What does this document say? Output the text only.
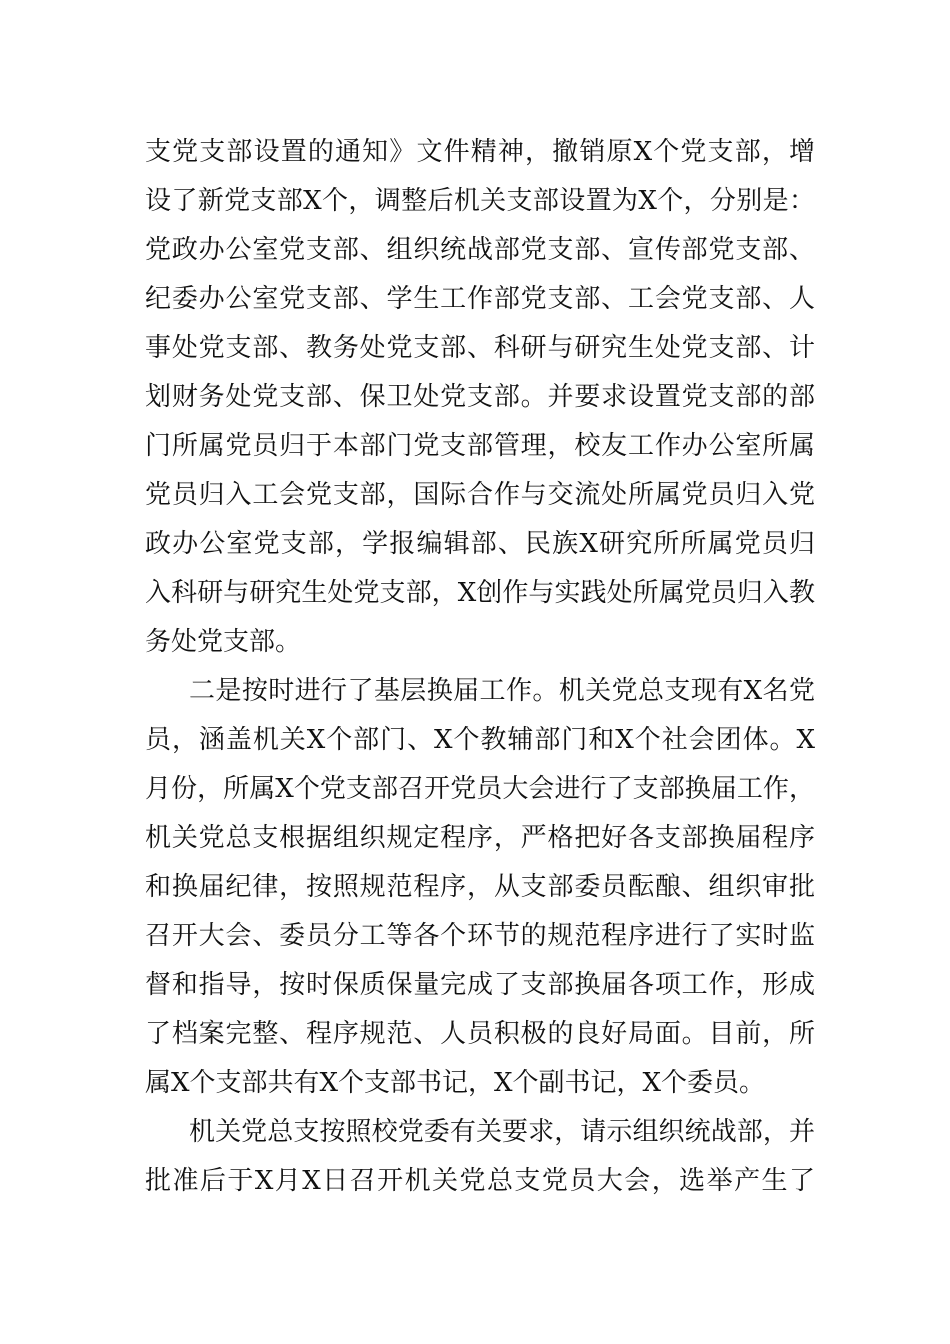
支党支部设置的通知》文件精神，撤销原X个党支部，增
设了新党支部X个，调整后机关支部设置为X个，分别是：
党政办公室党支部、组织统战部党支部、宣传部党支部、
纪委办公室党支部、学生工作部党支部、工会党支部、人
事处党支部、教务处党支部、科研与研究生处党支部、计
划财务处党支部、保卫处党支部。并要求设置党支部的部
门所属党员归于本部门党支部管理，校友工作办公室所属
党员归入工会党支部，国际合作与交流处所属党员归入党
政办公室党支部，学报编辑部、民族X研究所所属党员归
入科研与研究生处党支部，X创作与实践处所属党员归入教
务处党支部。
二是按时进行了基层换届工作。机关党总支现有X名党
员，涵盖机关X个部门、X个教辅部门和X个社会团体。X
月份，所属X个党支部召开党员大会进行了支部换届工作，
机关党总支根据组织规定程序，严格把好各支部换届程序
和换届纪律，按照规范程序，从支部委员酝酿、组织审批
召开大会、委员分工等各个环节的规范程序进行了实时监
督和指导，按时保质保量完成了支部换届各项工作，形成
了档案完整、程序规范、人员积极的良好局面。目前，所
属X个支部共有X个支部书记，X个副书记，X个委员。
机关党总支按照校党委有关要求，请示组织统战部，并
批准后于X月X日召开机关党总支党员大会，选举产生了
